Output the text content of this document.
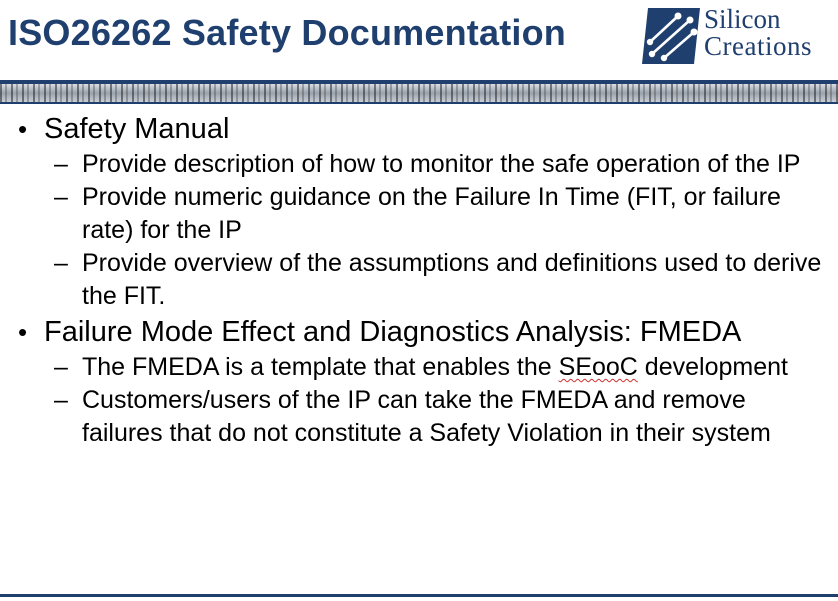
ISO26262 Safety Documentation	Silicon
Creations
• Safety Manual
– Provide description of how to monitor the safe operation of the IP
– Provide numeric guidance on the Failure In Time (FIT, or failure rate) for the IP
– Provide overview of the assumptions and definitions used to derive the FIT.
• Failure Mode Effect and Diagnostics Analysis: FMEDA
– The FMEDA is a template that enables the SEooC development
– Customers/users of the IP can take the FMEDA and remove failures that do not constitute a Safety Violation in their system
